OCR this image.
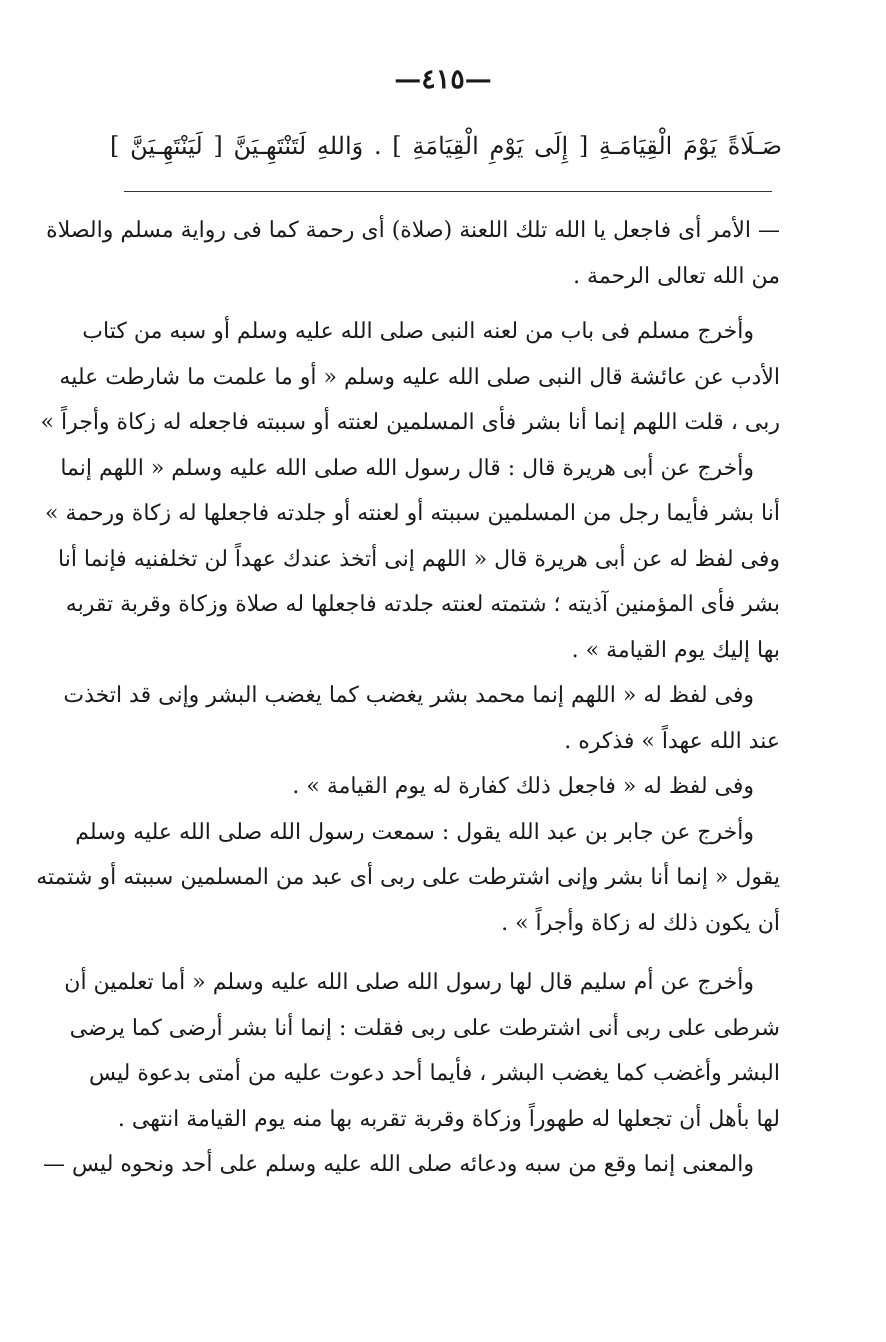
—٤١٥—
صَـلَاةً يَوْمَ الْقِيَامَـةِ [ إِلَى يَوْمِ الْقِيَامَةِ ] . وَاللهِ لَتَنْتَهِـيَنَّ [ لَيَنْتَهِـيَنَّ ]
— الأمر أى فاجعل يا الله تلك اللعنة (صلاة) أى رحمة كما فى رواية مسلم والصلاة
من الله تعالى الرحمة .
وأخرج مسلم فى باب من لعنه النبى صلى الله عليه وسلم أو سبه من كتاب
الأدب عن عائشة قال النبى صلى الله عليه وسلم « أو ما علمت ما شارطت عليه
ربى ، قلت اللهم إنما أنا بشر فأى المسلمين لعنته أو سببته فاجعله له زكاة وأجراً »
وأخرج عن أبى هريرة قال : قال رسول الله صلى الله عليه وسلم « اللهم إنما
أنا بشر فأيما رجل من المسلمين سببته أو لعنته أو جلدته فاجعلها له زكاة ورحمة »
وفى لفظ له عن أبى هريرة قال « اللهم إنى أتخذ عندك عهداً لن تخلفنيه فإنما أنا
بشر فأى المؤمنين آذيته ؛ شتمته لعنته جلدته فاجعلها له صلاة وزكاة وقربة تقربه
بها إليك يوم القيامة » .
وفى لفظ له « اللهم إنما محمد بشر يغضب كما يغضب البشر وإنى قد اتخذت
عند الله عهداً » فذكره .
وفى لفظ له « فاجعل ذلك كفارة له يوم القيامة » .
وأخرج عن جابر بن عبد الله يقول : سمعت رسول الله صلى الله عليه وسلم
يقول « إنما أنا بشر وإنى اشترطت على ربى أى عبد من المسلمين سببته أو شتمته
أن يكون ذلك له زكاة وأجراً » .
وأخرج عن أم سليم قال لها رسول الله صلى الله عليه وسلم « أما تعلمين أن
شرطى على ربى أنى اشترطت على ربى فقلت : إنما أنا بشر أرضى كما يرضى
البشر وأغضب كما يغضب البشر ، فأيما أحد دعوت عليه من أمتى بدعوة ليس
لها بأهل أن تجعلها له طهوراً وزكاة وقربة تقربه بها منه يوم القيامة انتهى .
والمعنى إنما وقع من سبه ودعائه صلى الله عليه وسلم على أحد ونحوه ليس —
